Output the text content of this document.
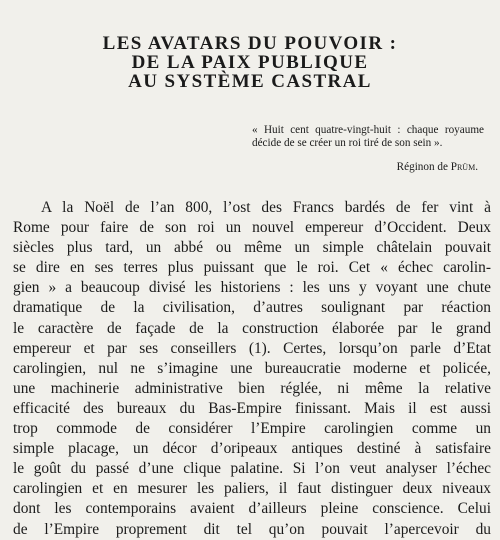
LES AVATARS DU POUVOIR :
DE LA PAIX PUBLIQUE
AU SYSTÈME CASTRAL
« Huit cent quatre-vingt-huit : chaque royaume décide de se créer un roi tiré de son sein ».
Réginon de Prüm.
A la Noël de l’an 800, l’ost des Francs bardés de fer vint à
Rome pour faire de son roi un nouvel empereur d’Occident. Deux
siècles plus tard, un abbé ou même un simple châtelain pouvait
se dire en ses terres plus puissant que le roi. Cet « échec carolin-
gien » a beaucoup divisé les historiens : les uns y voyant une chute
dramatique de la civilisation, d’autres soulignant par réaction
le caractère de façade de la construction élaborée par le grand
empereur et par ses conseillers (1). Certes, lorsqu’on parle d’Etat
carolingien, nul ne s’imagine une bureaucratie moderne et policée,
une machinerie administrative bien réglée, ni même la relative
efficacité des bureaux du Bas-Empire finissant. Mais il est aussi
trop commode de considérer l’Empire carolingien comme un
simple placage, un décor d’oripeaux antiques destiné à satisfaire
le goût du passé d’une clique palatine. Si l’on veut analyser l’échec
carolingien et en mesurer les paliers, il faut distinguer deux niveaux
dont les contemporains avaient d’ailleurs pleine conscience. Celui
de l’Empire proprement dit tel qu’on pouvait l’apercevoir du
